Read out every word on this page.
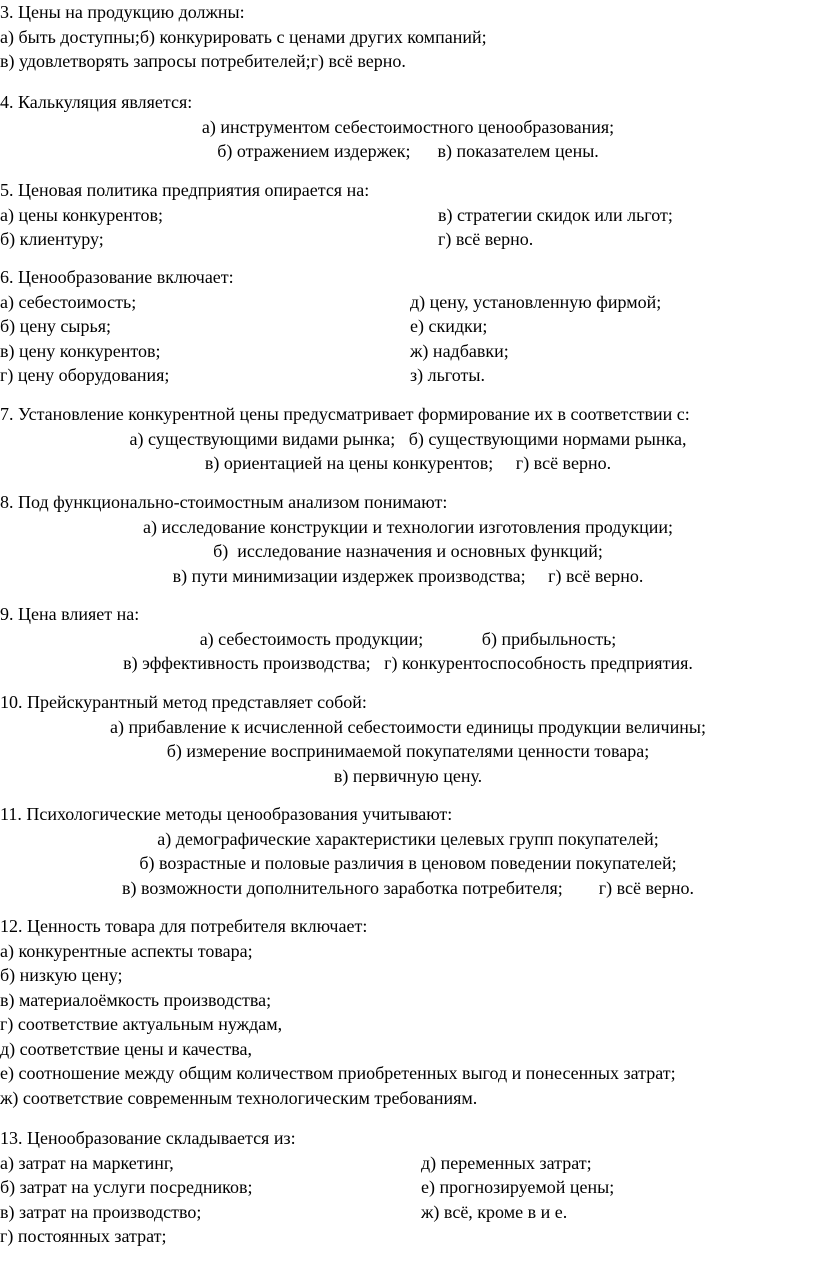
3. Цены на продукцию должны:
а) быть доступны;б) конкурировать с ценами других компаний;
в) удовлетворять запросы потребителей;г) всё верно.
4. Калькуляция является:
а) инструментом себестоимостного ценообразования;
б) отражением издержек;      в) показателем цены.
5. Ценовая политика предприятия опирается на:
а) цены конкурентов;	в) стратегии скидок или льгот;
б) клиентуру;	г) всё верно.
6. Ценообразование включает:
а) себестоимость;	д) цену, установленную фирмой;
б) цену сырья;	е) скидки;
в) цену конкурентов;	ж) надбавки;
г) цену оборудования;	з) льготы.
7. Установление конкурентной цены предусматривает формирование их в соответствии с:
а) существующими видами рынка;   б) существующими нормами рынка,
в) ориентацией на цены конкурентов;     г) всё верно.
8. Под функционально-стоимостным анализом понимают:
а) исследование конструкции и технологии изготовления продукции;
б)  исследование назначения и основных функций;
в) пути минимизации издержек производства;     г) всё верно.
9. Цена влияет на:
а) себестоимость продукции;             б) прибыльность;
в) эффективность производства;   г) конкурентоспособность предприятия.
10. Прейскурантный метод представляет собой:
а) прибавление к исчисленной себестоимости единицы продукции величины;
б) измерение воспринимаемой покупателями ценности товара;
в) первичную цену.
11. Психологические методы ценообразования учитывают:
а) демографические характеристики целевых групп покупателей;
б) возрастные и половые различия в ценовом поведении покупателей;
в) возможности дополнительного заработка потребителя;        г) всё верно.
12. Ценность товара для потребителя включает:
а) конкурентные аспекты товара;
б) низкую цену;
в) материалоёмкость производства;
г) соответствие актуальным нуждам,
д) соответствие цены и качества,
е) соотношение между общим количеством приобретенных выгод и понесенных затрат;
ж) соответствие современным технологическим требованиям.
13. Ценообразование складывается из:
а) затрат на маркетинг,	д) переменных затрат;
б) затрат на услуги посредников;	е) прогнозируемой цены;
в) затрат на производство;	ж) всё, кроме в и е.
г) постоянных затрат;
